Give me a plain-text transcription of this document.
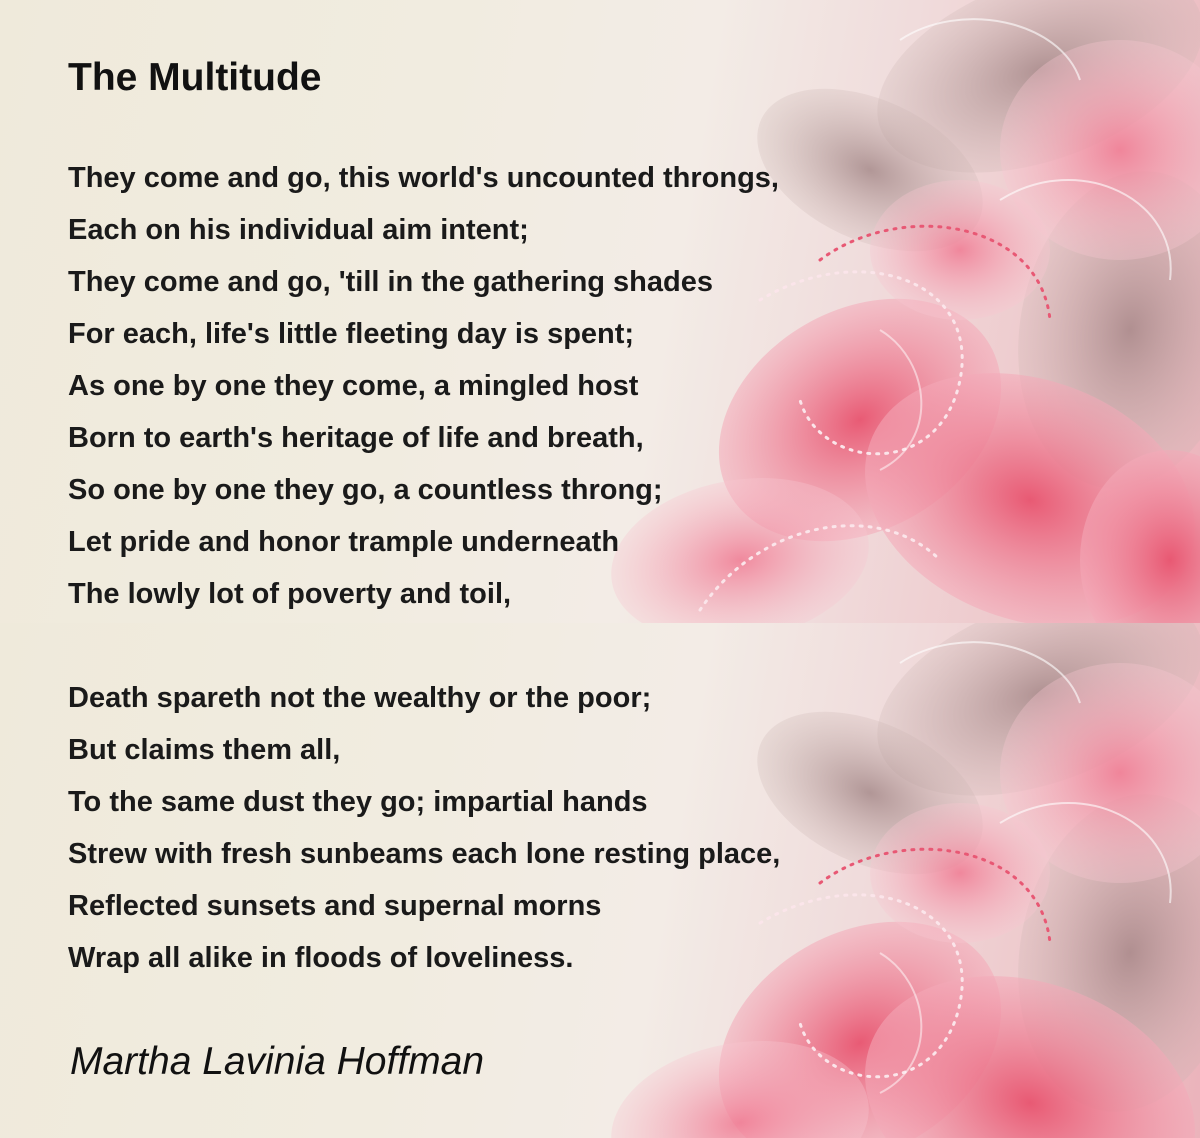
The Multitude
They come and go, this world's uncounted throngs,
Each on his individual aim intent;
They come and go, 'till in the gathering shades
For each, life's little fleeting day is spent;
As one by one they come, a mingled host
Born to earth's heritage of life and breath,
So one by one they go, a countless throng;
Let pride and honor trample underneath
The lowly lot of poverty and toil,
Death spareth not the wealthy or the poor;
But claims them all,
To the same dust they go; impartial hands
Strew with fresh sunbeams each lone resting place,
Reflected sunsets and supernal morns
Wrap all alike in floods of loveliness.

Martha Lavinia Hoffman
